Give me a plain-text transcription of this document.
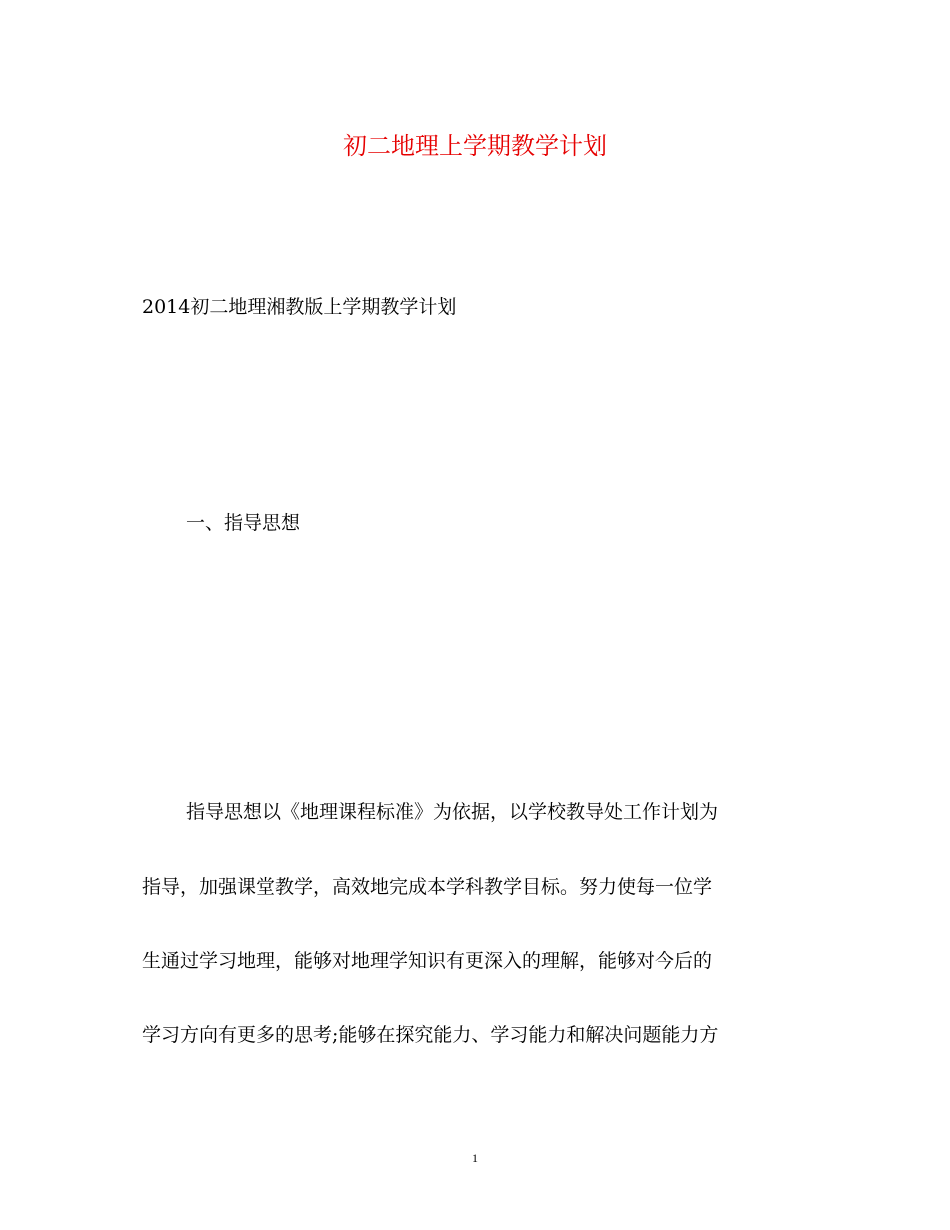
初二地理上学期教学计划
2014初二地理湘教版上学期教学计划
一、指导思想
指导思想以《地理课程标准》为依据，以学校教导处工作计划为
指导，加强课堂教学，高效地完成本学科教学目标。努力使每一位学
生通过学习地理，能够对地理学知识有更深入的理解，能够对今后的
学习方向有更多的思考;能够在探究能力、学习能力和解决问题能力方
1
